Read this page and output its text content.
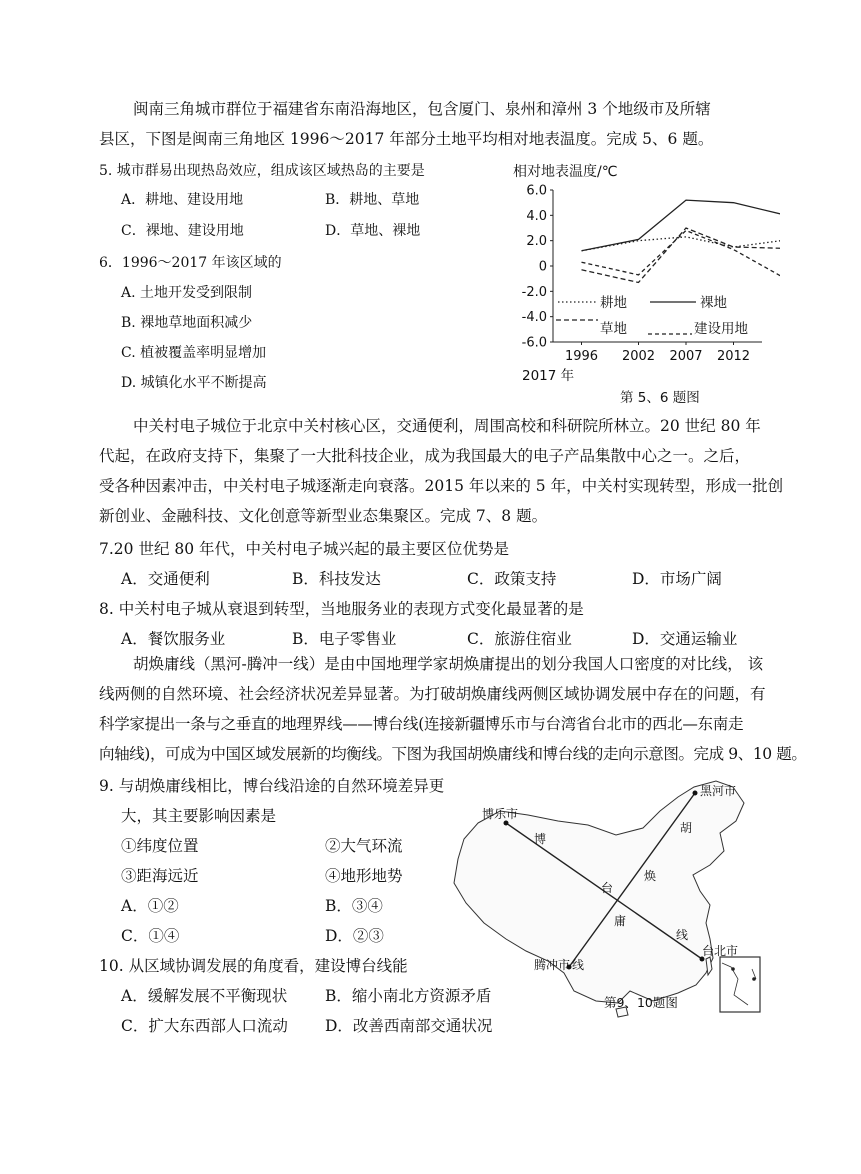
闽南三角城市群位于福建省东南沿海地区，包含厦门、泉州和漳州 3 个地级市及所辖
县区，下图是闽南三角地区 1996～2017 年部分土地平均相对地表温度。完成 5、6 题。
5. 城市群易出现热岛效应，组成该区域热岛的主要是
A．耕地、建设用地	B．耕地、草地
C．裸地、建设用地	D．草地、裸地
6．1996～2017 年该区域的
A. 土地开发受到限制
B. 裸地草地面积减少
C. 植被覆盖率明显增加
D. 城镇化水平不断提高
相对地表温度/℃
6.0
4.0
2.0
0
-2.0
-4.0
-6.0
1996 2002 2007 2012
耕地	裸地
草地	建设用地
2017 年
第 5、6 题图
中关村电子城位于北京中关村核心区，交通便利，周围高校和科研院所林立。20 世纪 80 年
代起，在政府支持下，集聚了一大批科技企业，成为我国最大的电子产品集散中心之一。之后，
受各种因素冲击，中关村电子城逐渐走向衰落。2015 年以来的 5 年，中关村实现转型，形成一批创
新创业、金融科技、文化创意等新型业态集聚区。完成 7、8 题。
7.20 世纪 80 年代，中关村电子城兴起的最主要区位优势是
A．交通便利	B．科技发达	C．政策支持	D．市场广阔
8. 中关村电子城从衰退到转型，当地服务业的表现方式变化最显著的是
A．餐饮服务业	B．电子零售业	C．旅游住宿业	D．交通运输业
胡焕庸线（黑河-腾冲一线）是由中国地理学家胡焕庸提出的划分我国人口密度的对比线， 该
线两侧的自然环境、社会经济状况差异显著。为打破胡焕庸线两侧区域协调发展中存在的问题，有
科学家提出一条与之垂直的地理界线——博台线(连接新疆博乐市与台湾省台北市的西北—东南走
向轴线)，可成为中国区域发展新的均衡线。下图为我国胡焕庸线和博台线的走向示意图。完成 9、10 题。
9. 与胡焕庸线相比，博台线沿途的自然环境差异更
大，其主要影响因素是
①纬度位置	②大气环流
③距海远近	④地形地势
A．①②	B．③④
C．①④	D．②③
10. 从区域协调发展的角度看，建设博台线能
A．缓解发展不平衡现状 B．缩小南北方资源矛盾
C．扩大东西部人口流动 D．改善西南部交通状况
黑河市
博乐市
腾冲市
台北市
胡
焕
庸
线
博
台
线
第9、10题图
